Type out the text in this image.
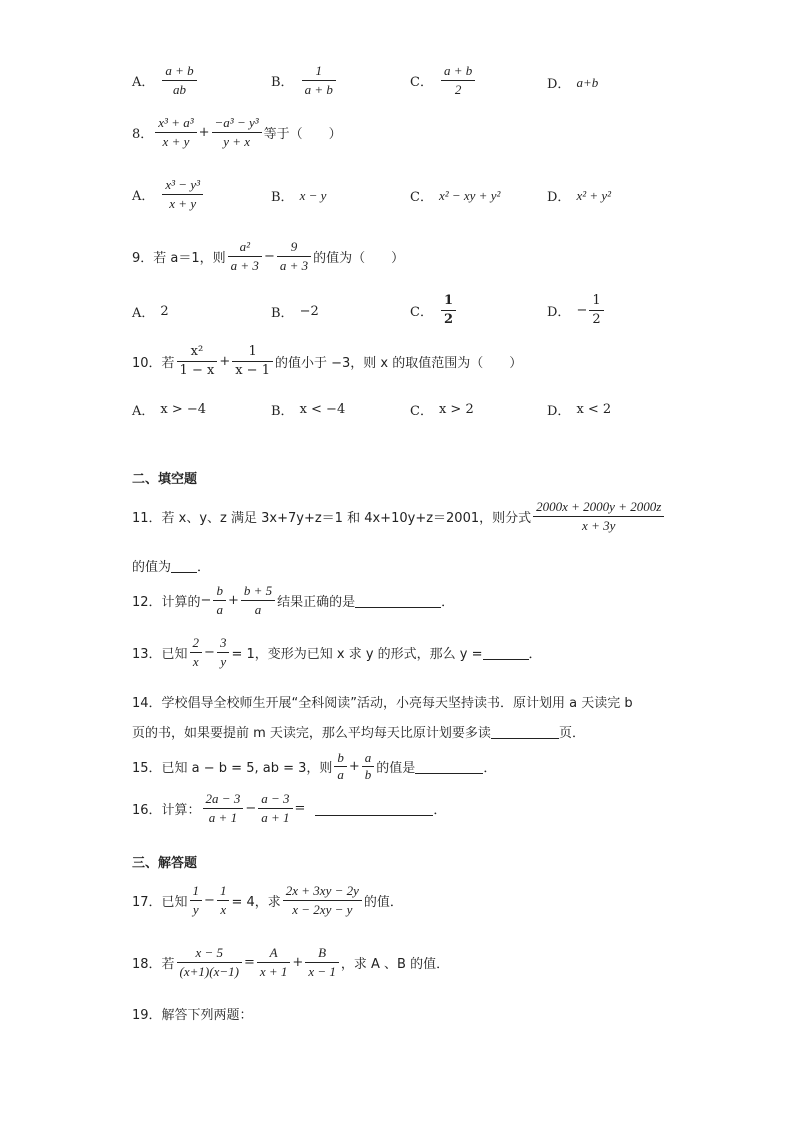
A． $\frac{a + b}{ab}$	B． $\frac{1}{a + b}$	C． $\frac{a + b}{2}$	D． a+b
8． $\frac{\text{x³ + a³}}{x + y} + \frac{\text{−a³ − y³}}{y + x}$ 等于（　　）
A． $\frac{\text{x³ − y³}}{x + y}$	B． x − y	C． x² − xy + y²	D． x² + y²
9．若 a＝1，则 $\frac{\text{a²}}{a + 3} - \frac{9}{a + 3}$ 的值为（　　）
A． 2	B． −2	C． $\frac{1}{2}$	D． − $\frac{1}{2}$
10．若 $\frac{\text{x²}}{1 - x} + \frac{1}{x - 1}$ 的值小于 −3，则 x 的取值范围为（　　）
A． x > −4	B． x < −4	C． x > 2	D． x < 2
二、填空题
11．若 x、y、z 满足 3x+7y+z＝1 和 4x+10y+z＝2001，则分式 $\frac{2000x + 2000y + 2000z}{x + 3y}$
的值为 ．
12．计算的 − $\frac{b}{a} + \frac{b + 5}{a}$ 结果正确的是	．
13．已知 $\frac{2}{x} - \frac{3}{y} = 1$，变形为已知 x 求 y 的形式，那么 y =	．
14．学校倡导全校师生开展“全科阅读”活动，小亮每天坚持读书．原计划用 a 天读完 b
页的书，如果要提前 m 天读完，那么平均每天比原计划要多读	页．
15．已知 a − b = 5, ab = 3，则 $\frac{b}{a} + \frac{a}{b}$ 的值是	．
16．计算： $\frac{2a - 3}{a + 1} - \frac{a - 3}{a + 1}$ =	．
三、解答题
17．已知 $\frac{1}{y} - \frac{1}{x} = 4$，求 $\frac{2x + 3xy - 2y}{x - 2xy - y}$ 的值．
18．若 $\frac{x - 5}{(x+1)(x-1)} = \frac{A}{x + 1} + \frac{B}{x - 1}$ ，求 A 、B 的值．
19．解答下列两题：
